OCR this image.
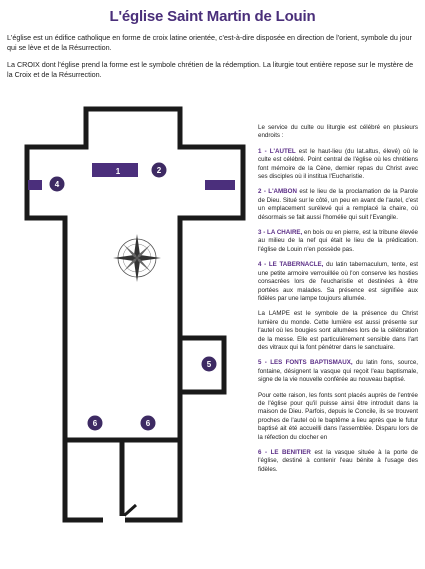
L'église Saint Martin de Louin

L'église est un édifice catholique en forme de croix latine orientée, c'est-à-dire disposée en direction de l'orient, symbole du jour qui se lève et de la Résurrection.

La CROIX dont l'église prend la forme est le symbole chrétien de la rédemption. La liturgie tout entière repose sur le mystère de la Croix et de la Résurrection.

1	2
4
5
6	6

Le service du culte ou liturgie est célébré en plusieurs endroits :

1 - L'AUTEL est le haut-lieu (du lat.altus, élevé) où le culte est célébré. Point central de l'église où les chrétiens font mémoire de la Cène, dernier repas du Christ avec ses disciples où il institua l'Eucharistie.

2 - L'AMBON est le lieu de la proclamation de la Parole de Dieu. Situé sur le côté, un peu en avant de l'autel, c'est un emplacement surélevé qui a remplacé la chaire, où désormais se fait aussi l'homélie qui suit l'Evangile.

3 - LA CHAIRE, en bois ou en pierre, est la tribune élevée au milieu de la nef qui était le lieu de la prédication. l'église de Louin n'en possède pas.

4 - LE TABERNACLE, du latin tabernaculum, tente, est une petite armoire verrouillée où l'on conserve les hosties consacrées lors de l'eucharistie et destinées à être portées aux malades. Sa présence est signifiée aux fidèles par une lampe toujours allumée.

La LAMPE est le symbole de la présence du Christ lumière du monde. Cette lumière est aussi présente sur l'autel où les bougies sont allumées lors de la célébration de la messe. Elle est particulièrement sensible dans l'art des vitraux qui la font pénétrer dans le sanctuaire.

5 - LES FONTS BAPTISMAUX, du latin fons, source, fontaine, désignent la vasque qui reçoit l'eau baptismale, signe de la vie nouvelle conférée au nouveau baptisé.

Pour cette raison, les fonts sont placés auprès de l'entrée de l'église pour qu'il puisse ainsi être introduit dans la maison de Dieu. Parfois, depuis le Concile, ils se trouvent proches de l'autel où le baptême a lieu après que le futur baptisé ait été accueilli dans l'assemblée. Disparu lors de la réfection du clocher en

6 - LE BENITIER est la vasque située à la porte de l'église, destiné à contenir l'eau bénite à l'usage des fidèles.
